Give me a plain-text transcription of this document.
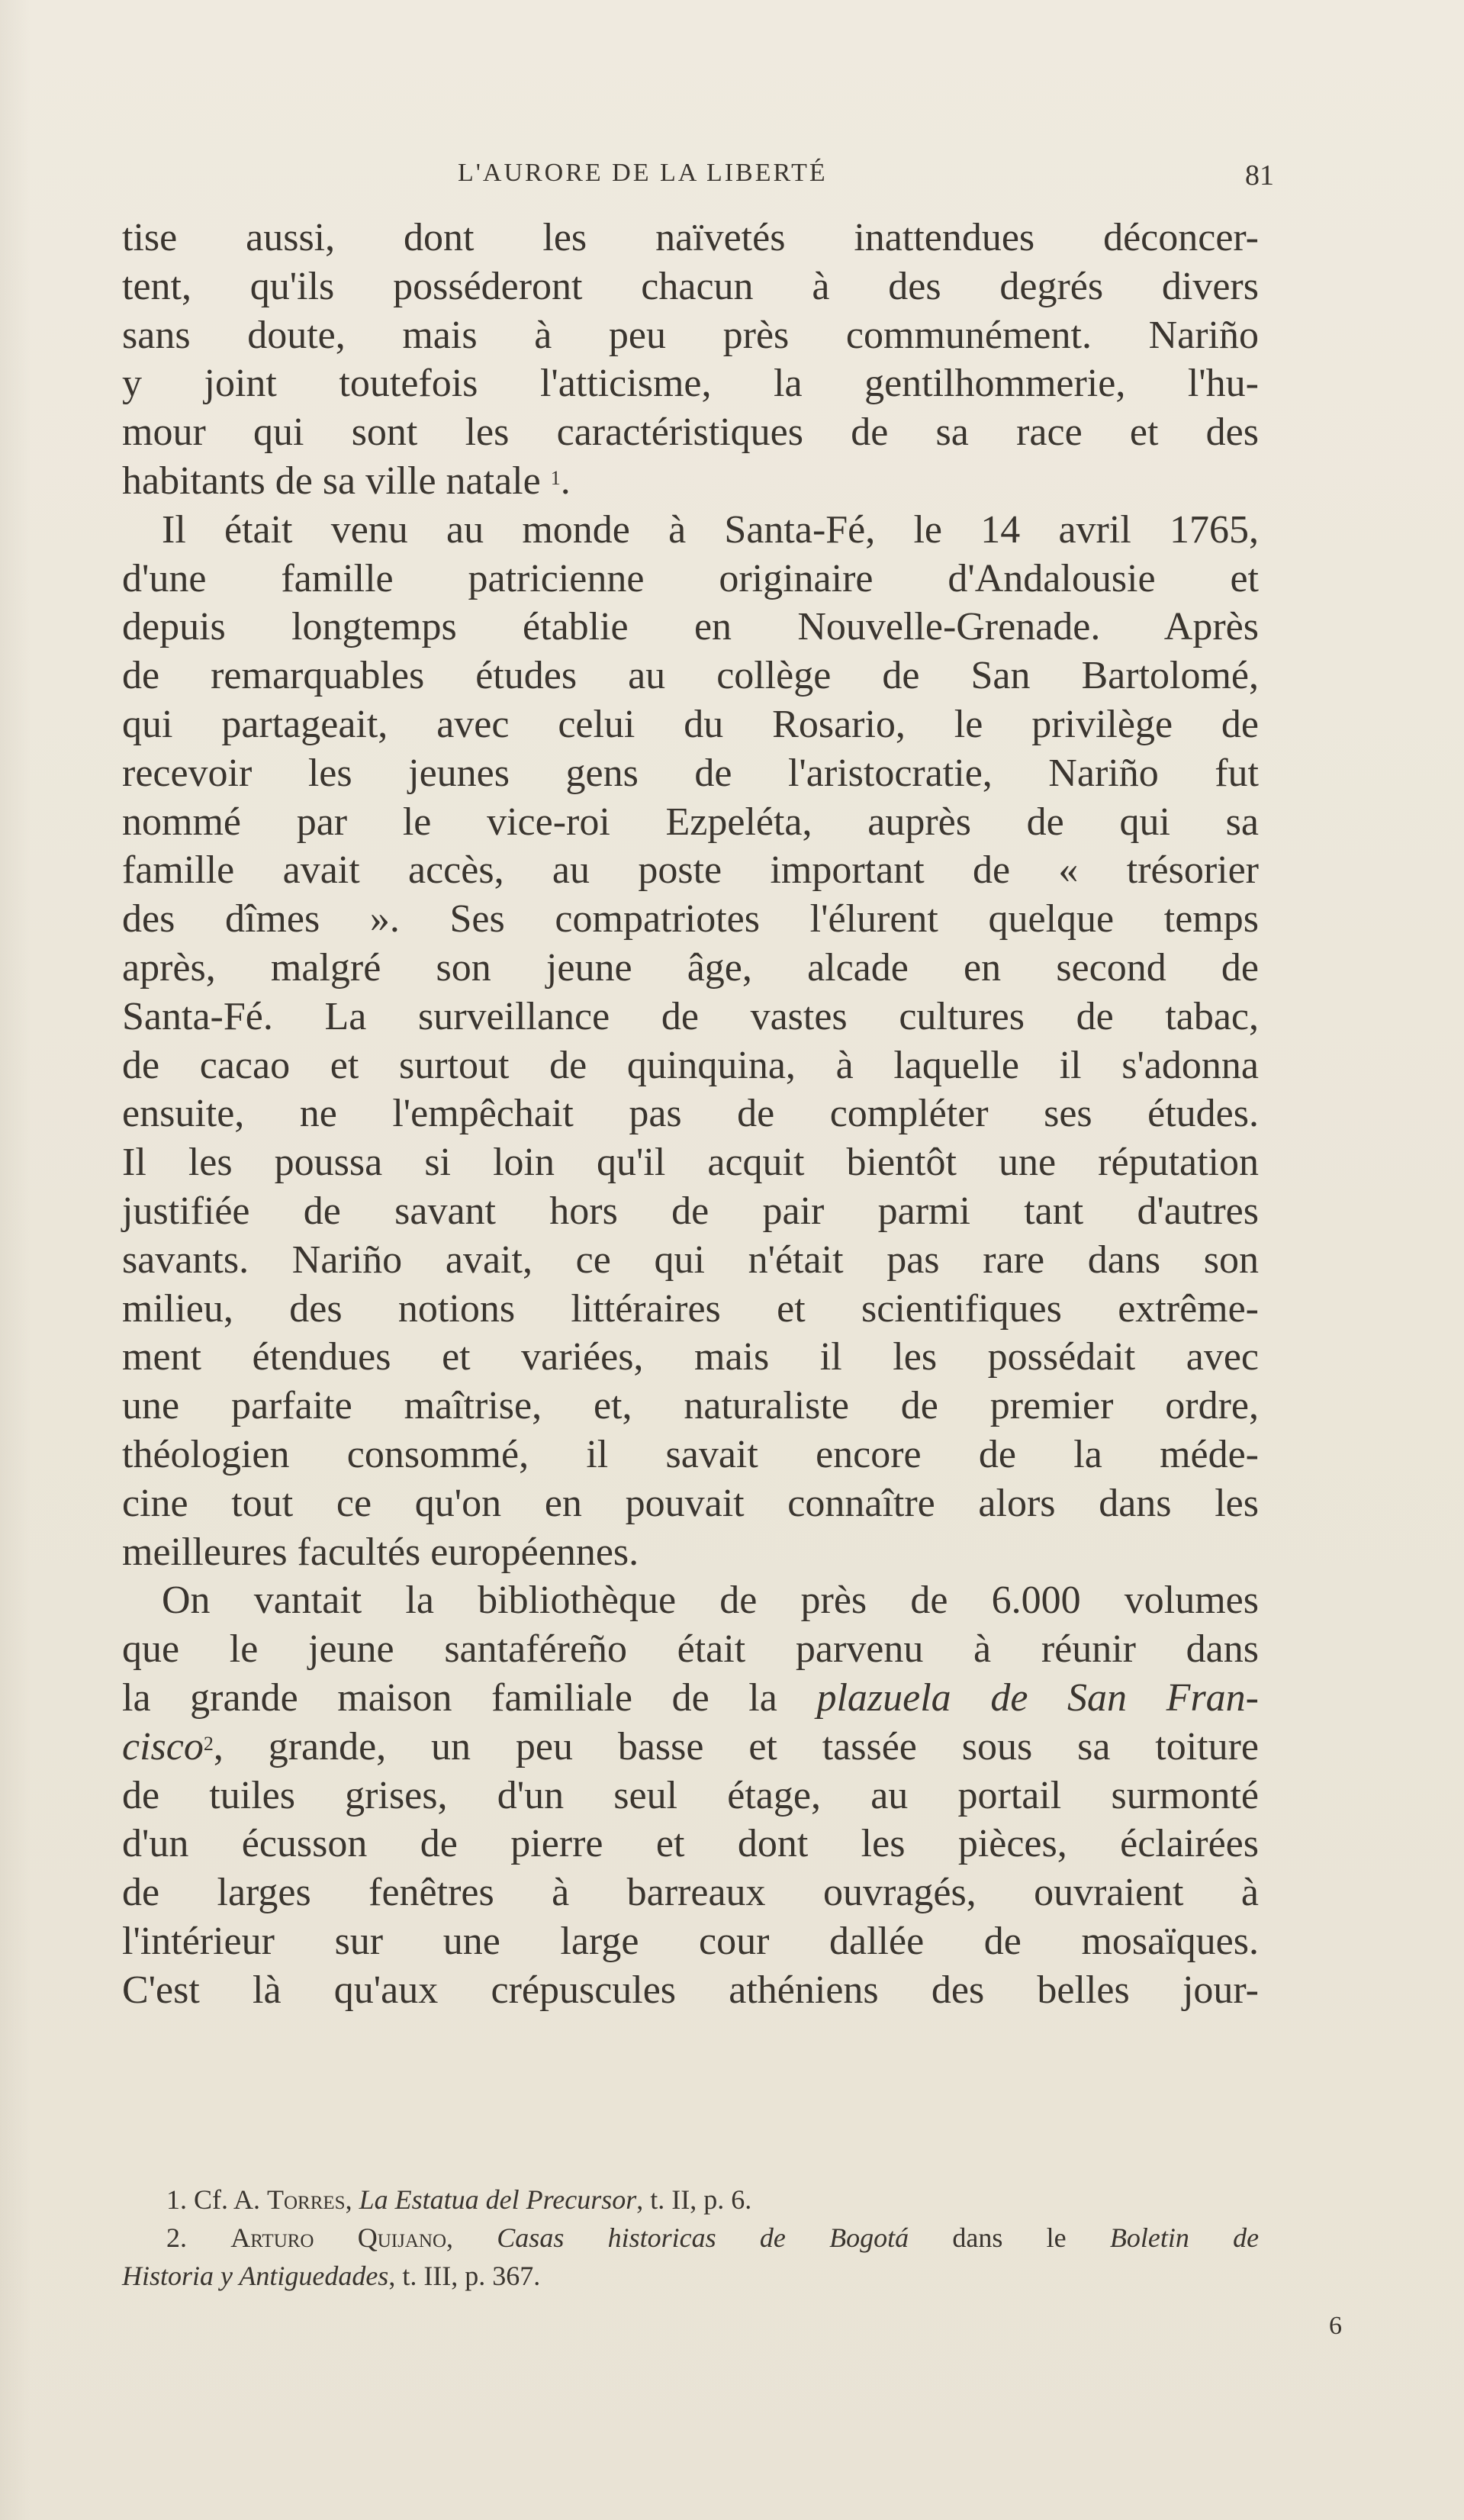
L'AURORE DE LA LIBERTÉ	81
tise aussi, dont les naïvetés inattendues déconcer-
tent, qu'ils posséderont chacun à des degrés divers
sans doute, mais à peu près communément. Nariño
y joint toutefois l'atticisme, la gentilhommerie, l'hu-
mour qui sont les caractéristiques de sa race et des
habitants de sa ville natale $^1$.
Il était venu au monde à Santa-Fé, le 14 avril 1765,
d'une famille patricienne originaire d'Andalousie et
depuis longtemps établie en Nouvelle-Grenade. Après
de remarquables études au collège de San Bartolomé,
qui partageait, avec celui du Rosario, le privilège de
recevoir les jeunes gens de l'aristocratie, Nariño fut
nommé par le vice-roi Ezpeléta, auprès de qui sa
famille avait accès, au poste important de « trésorier
des dîmes ». Ses compatriotes l'élurent quelque temps
après, malgré son jeune âge, alcade en second de
Santa-Fé. La surveillance de vastes cultures de tabac,
de cacao et surtout de quinquina, à laquelle il s'adonna
ensuite, ne l'empêchait pas de compléter ses études.
Il les poussa si loin qu'il acquit bientôt une réputation
justifiée de savant hors de pair parmi tant d'autres
savants. Nariño avait, ce qui n'était pas rare dans son
milieu, des notions littéraires et scientifiques extrême-
ment étendues et variées, mais il les possédait avec
une parfaite maîtrise, et, naturaliste de premier ordre,
théologien consommé, il savait encore de la méde-
cine tout ce qu'on en pouvait connaître alors dans les
meilleures facultés européennes.
On vantait la bibliothèque de près de 6.000 volumes
que le jeune santaféreño était parvenu à réunir dans
la grande maison familiale de la plazuela de San Fran-
cisco$^2$, grande, un peu basse et tassée sous sa toiture
de tuiles grises, d'un seul étage, au portail surmonté
d'un écusson de pierre et dont les pièces, éclairées
de larges fenêtres à barreaux ouvragés, ouvraient à
l'intérieur sur une large cour dallée de mosaïques.
C'est là qu'aux crépuscules athéniens des belles jour-
1. Cf. A. Torres, La Estatua del Precursor, t. II, p. 6.
2. Arturo Quijano, Casas historicas de Bogotá dans le Boletin de
Historia y Antiguedades, t. III, p. 367.
6
